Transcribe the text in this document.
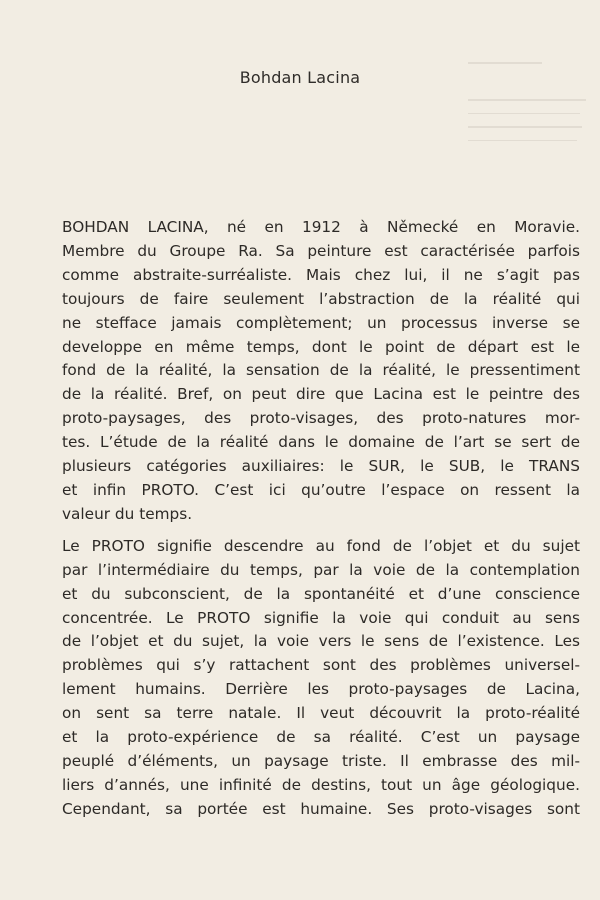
Bohdan Lacina
BOHDAN LACINA, né en 1912 à Německé en Moravie.
Membre du Groupe Ra. Sa peinture est caractérisée parfois
comme abstraite-surréaliste. Mais chez lui, il ne s’agit pas
toujours de faire seulement l’abstraction de la réalité qui
ne stefface jamais complètement; un processus inverse se
developpe en même temps, dont le point de départ est le
fond de la réalité, la sensation de la réalité, le pressentiment
de la réalité. Bref, on peut dire que Lacina est le peintre des
proto-paysages, des proto-visages, des proto-natures mor-
tes. L’étude de la réalité dans le domaine de l’art se sert de
plusieurs catégories auxiliaires: le SUR, le SUB, le TRANS
et infin PROTO. C’est ici qu’outre l’espace on ressent la
valeur du temps.
Le PROTO signifie descendre au fond de l’objet et du sujet
par l’intermédiaire du temps, par la voie de la contemplation
et du subconscient, de la spontanéité et d’une conscience
concentrée. Le PROTO signifie la voie qui conduit au sens
de l’objet et du sujet, la voie vers le sens de l’existence. Les
problèmes qui s’y rattachent sont des problèmes universel-
lement humains. Derrière les proto-paysages de Lacina,
on sent sa terre natale. Il veut découvrit la proto-réalité
et la proto-expérience de sa réalité. C’est un paysage
peuplé d’éléments, un paysage triste. Il embrasse des mil-
liers d’annés, une infinité de destins, tout un âge géologique.
Cependant, sa portée est humaine. Ses proto-visages sont
